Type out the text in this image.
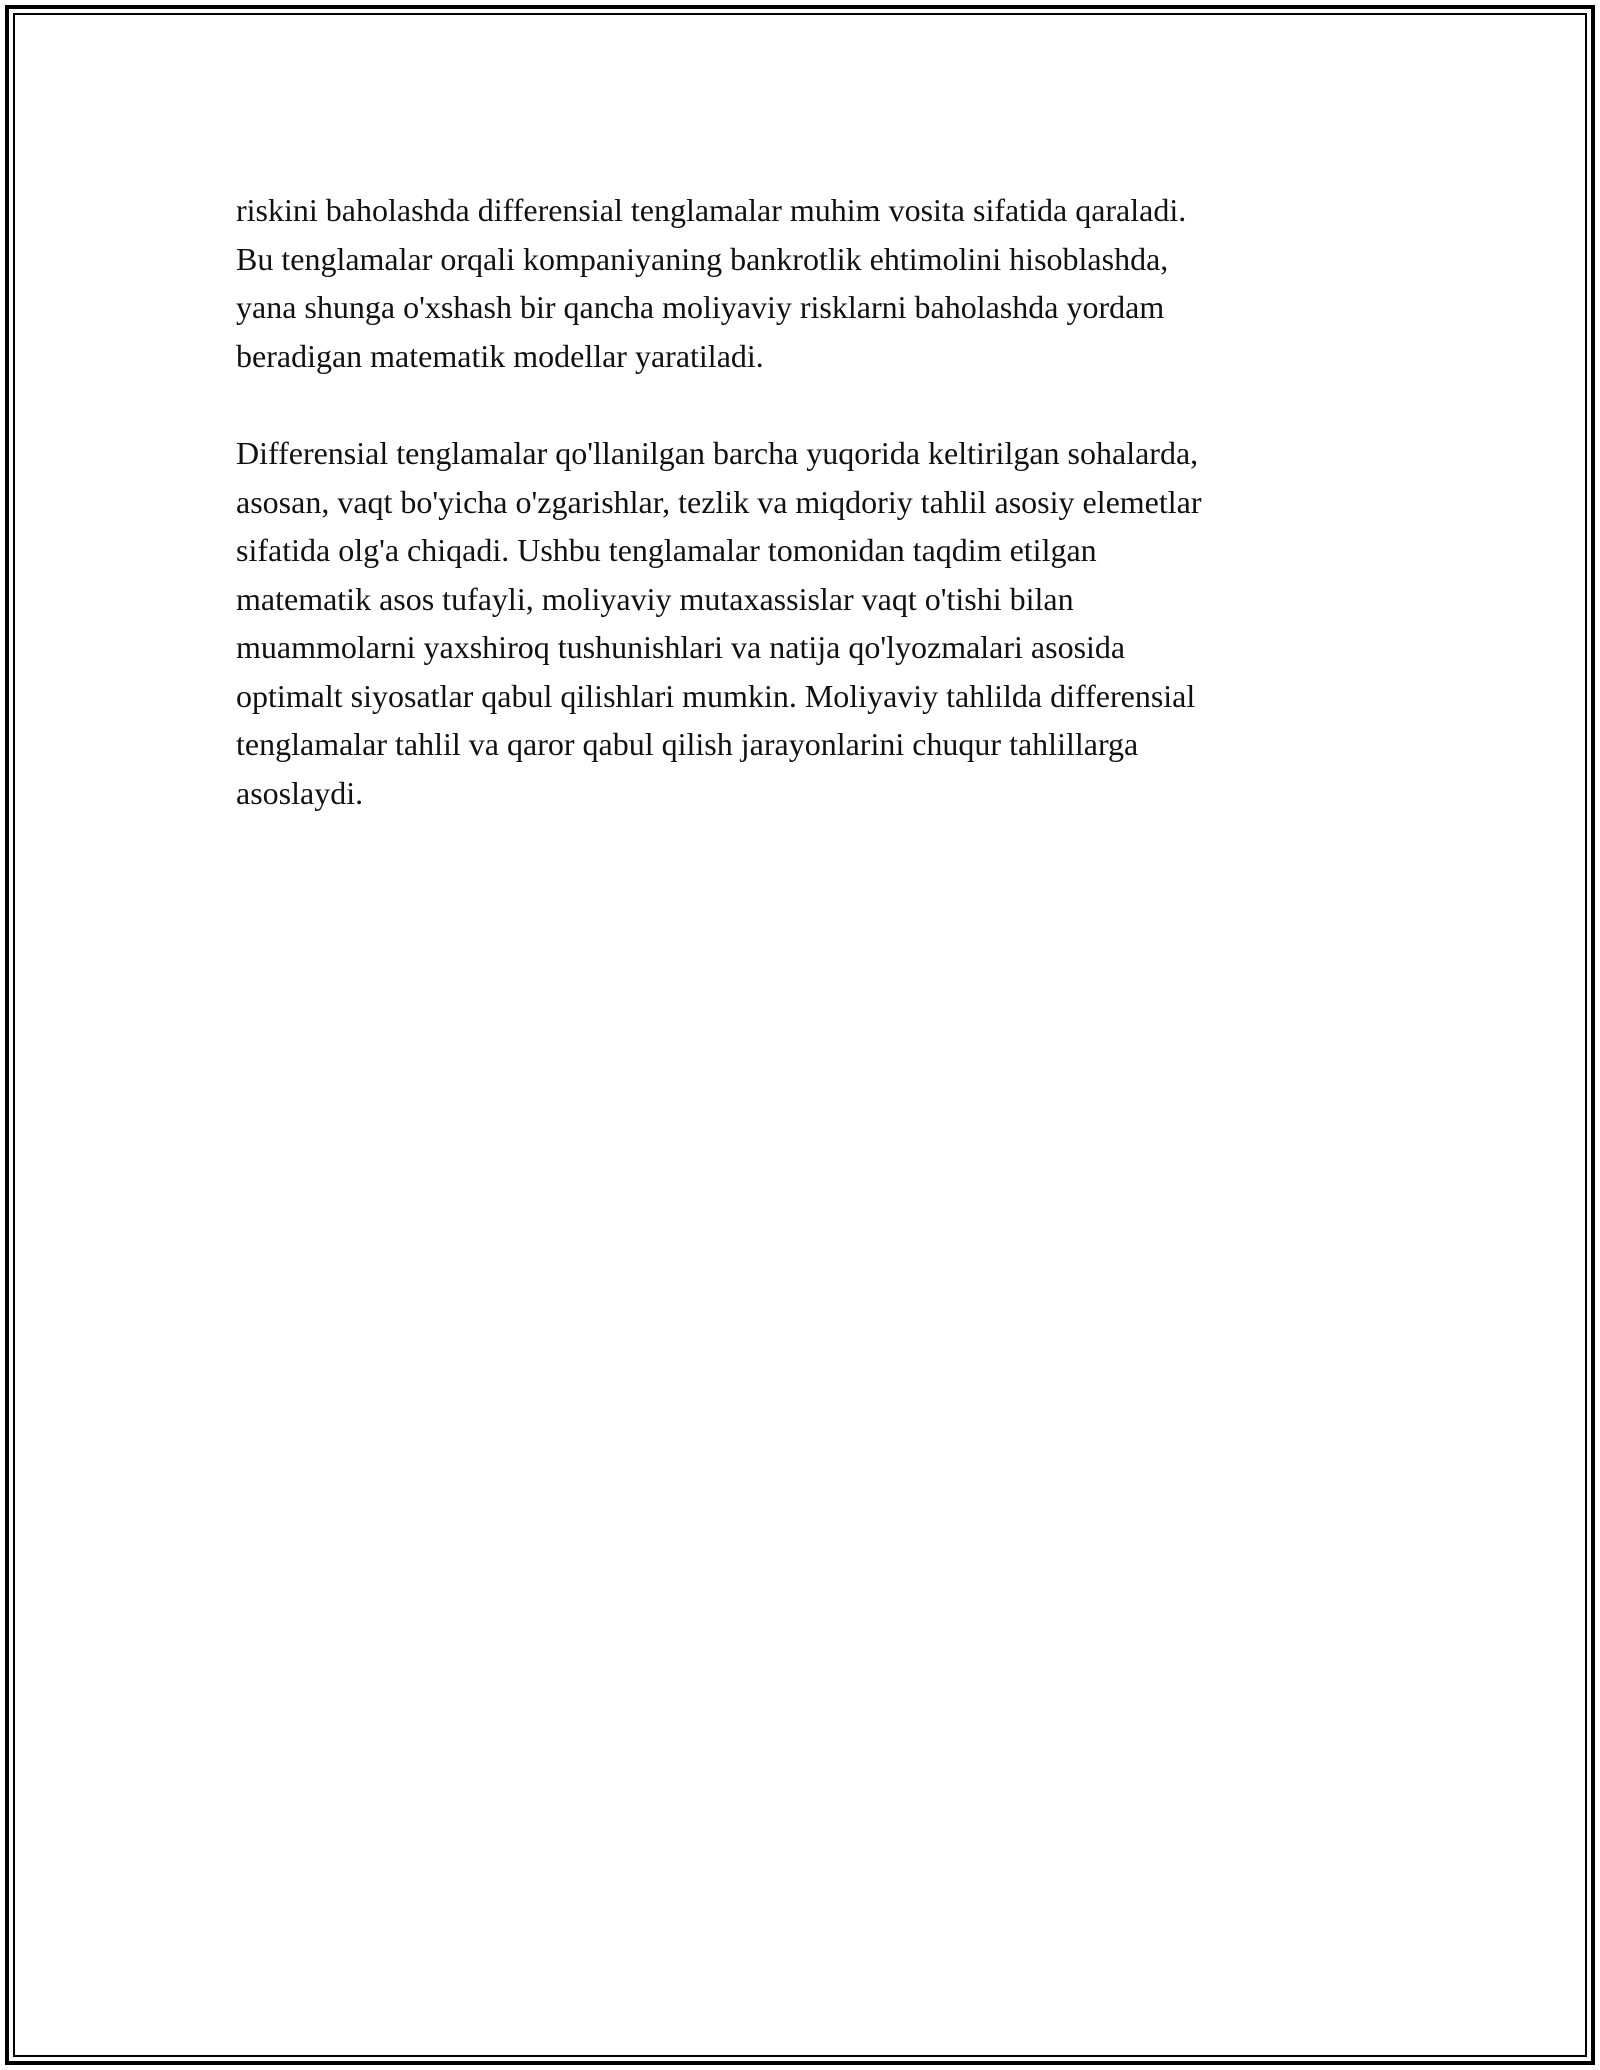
riskini baholashda differensial tenglamalar muhim vosita sifatida qaraladi.
Bu tenglamalar orqali kompaniyaning bankrotlik ehtimolini hisoblashda,
yana shunga o'xshash bir qancha moliyaviy risklarni baholashda yordam
beradigan matematik modellar yaratiladi.

Differensial tenglamalar qo'llanilgan barcha yuqorida keltirilgan sohalarda,
asosan, vaqt bo'yicha o'zgarishlar, tezlik va miqdoriy tahlil asosiy elemetlar
sifatida olg'a chiqadi. Ushbu tenglamalar tomonidan taqdim etilgan
matematik asos tufayli, moliyaviy mutaxassislar vaqt o'tishi bilan
muammolarni yaxshiroq tushunishlari va natija qo'lyozmalari asosida
optimalt siyosatlar qabul qilishlari mumkin. Moliyaviy tahlilda differensial
tenglamalar tahlil va qaror qabul qilish jarayonlarini chuqur tahlillarga
asoslaydi.
